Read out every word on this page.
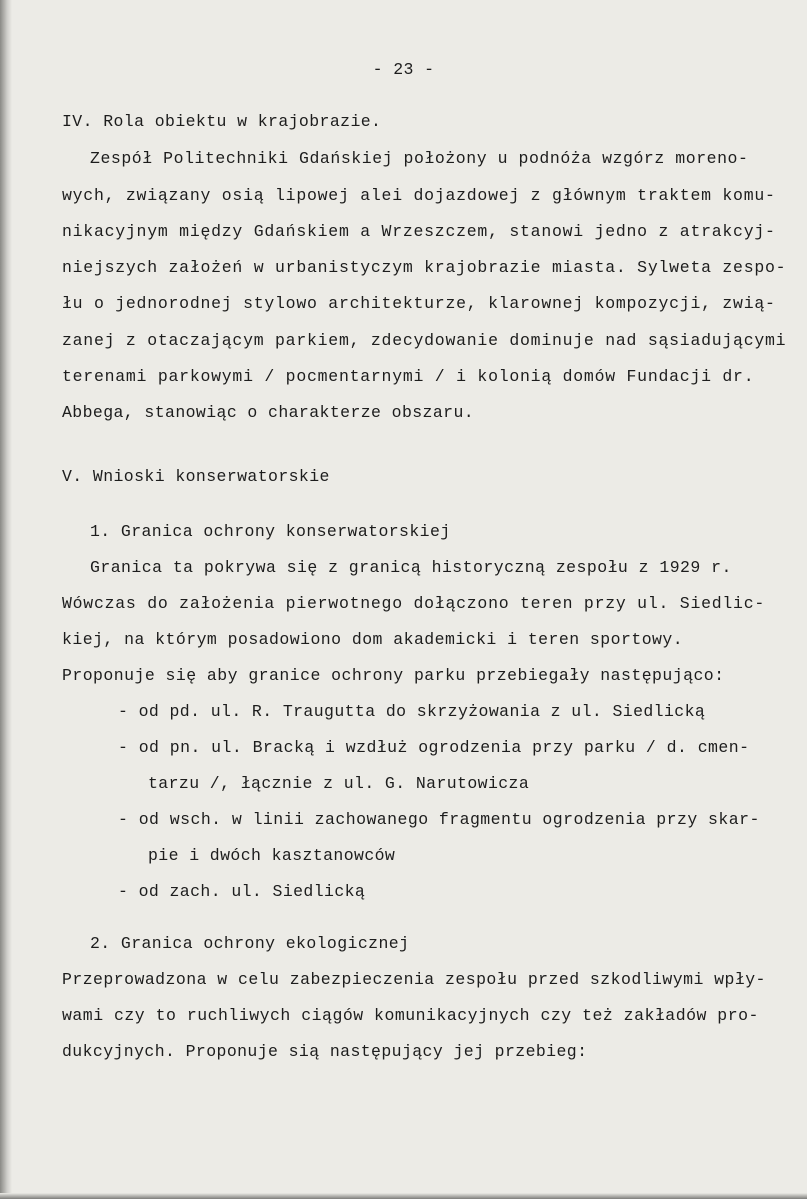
- 23 -
IV. Rola obiektu w krajobrazie.
Zespół Politechniki Gdańskiej położony u podnóża wzgórz moreno-
wych, związany osią lipowej alei dojazdowej z głównym traktem komu-
nikacyjnym między Gdańskiem a Wrzeszczem, stanowi jedno z atrakcyj-
niejszych założeń w urbanistyczym krajobrazie miasta. Sylweta zespo-
łu o jednorodnej stylowo architekturze, klarownej kompozycji, zwią-
zanej z otaczającym parkiem, zdecydowanie dominuje nad sąsiadującymi
terenami parkowymi / pocmentarnymi / i kolonią domów Fundacji dr.
Abbega, stanowiąc o charakterze obszaru.
V. Wnioski konserwatorskie
1. Granica ochrony konserwatorskiej
Granica ta pokrywa się z granicą historyczną zespołu z 1929 r.
Wówczas do założenia pierwotnego dołączono teren przy ul. Siedlic-
kiej, na którym posadowiono dom akademicki i teren sportowy.
Proponuje się aby granice ochrony parku przebiegały następująco:
- od pd. ul. R. Traugutta do skrzyżowania z ul. Siedlicką
- od pn. ul. Bracką i wzdłuż ogrodzenia przy parku / d. cmen-
tarzu /, łącznie z ul. G. Narutowicza
- od wsch. w linii zachowanego fragmentu ogrodzenia przy skar-
pie i dwóch kasztanowców
- od zach. ul. Siedlicką
2. Granica ochrony ekologicznej
Przeprowadzona w celu zabezpieczenia zespołu przed szkodliwymi wpły-
wami czy to ruchliwych ciągów komunikacyjnych czy też zakładów pro-
dukcyjnych. Proponuje sią następujący jej przebieg:
